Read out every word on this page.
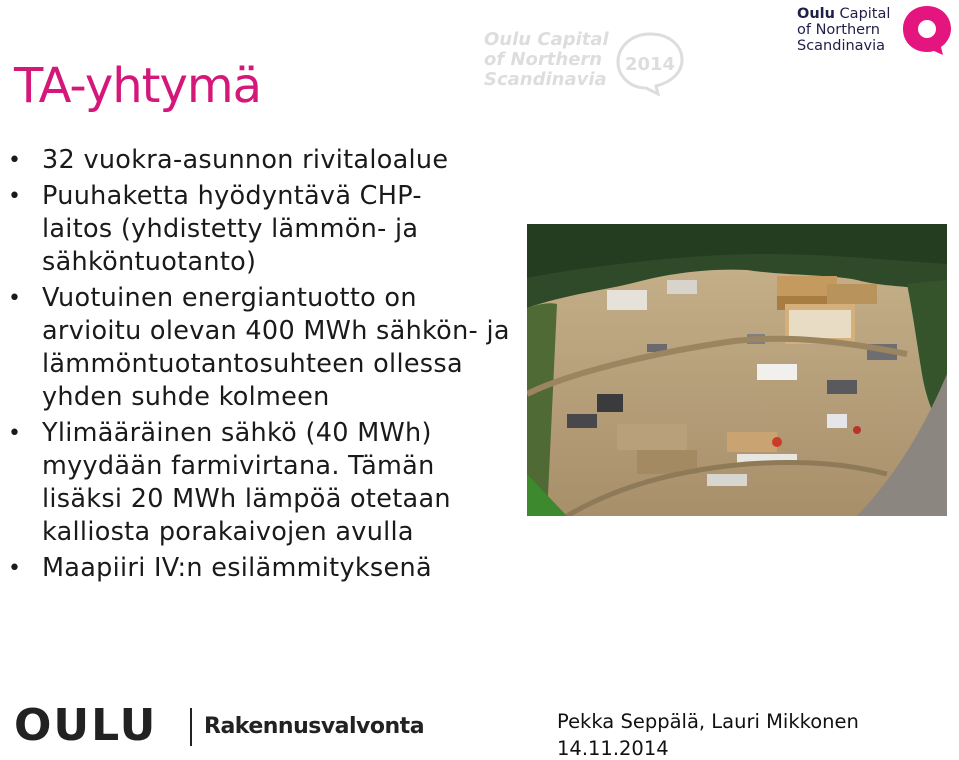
TA-yhtymä
• 32 vuokra-asunnon rivitaloalue
• Puuhaketta hyödyntävä CHP-laitos (yhdistetty lämmön- ja sähköntuotanto)
• Vuotuinen energiantuotto on arvioitu olevan 400 MWh sähkön- ja lämmöntuotantosuhteen ollessa yhden suhde kolmeen
• Ylimääräinen sähkö (40 MWh) myydään farmivirtana. Tämän lisäksi 20 MWh lämpöä otetaan kalliosta porakaivojen avulla
• Maapiiri IV:n esilämmityksenä
Oulu Capital
of Northern
Scandinavia
2014
Oulu Capital
of Northern
Scandinavia
OULU Rakennusvalvonta	Pekka Seppälä, Lauri Mikkonen
14.11.2014
